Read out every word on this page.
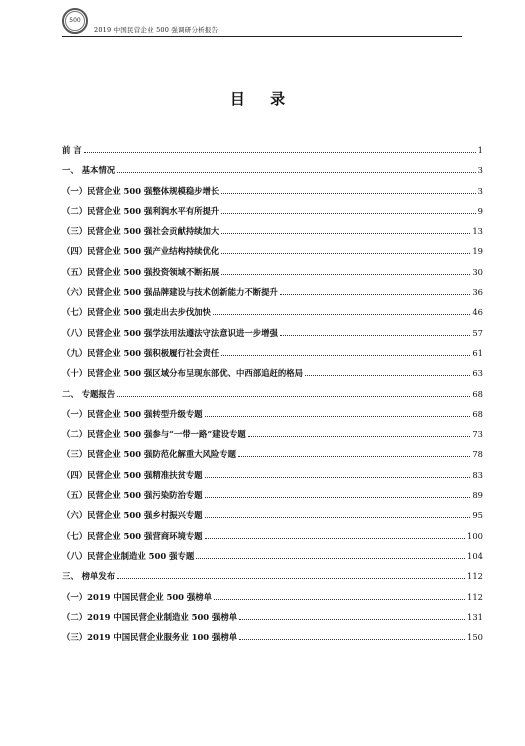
500
2019 中国民营企业 500 强调研分析报告
目 录
前 言	1
一、 基本情况	3
（一）民营企业 500 强整体规模稳步增长	3
（二）民营企业 500 强利润水平有所提升	9
（三）民营企业 500 强社会贡献持续加大	13
（四）民营企业 500 强产业结构持续优化	19
（五）民营企业 500 强投资领域不断拓展	30
（六）民营企业 500 强品牌建设与技术创新能力不断提升	36
（七）民营企业 500 强走出去步伐加快	46
（八）民营企业 500 强学法用法遵法守法意识进一步增强	57
（九）民营企业 500 强积极履行社会责任	61
（十）民营企业 500 强区域分布呈现东部优、中西部追赶的格局	63
二、 专题报告	68
（一）民营企业 500 强转型升级专题	68
（二）民营企业 500 强参与“一带一路”建设专题	73
（三）民营企业 500 强防范化解重大风险专题	78
（四）民营企业 500 强精准扶贫专题	83
（五）民营企业 500 强污染防治专题	89
（六）民营企业 500 强乡村振兴专题	95
（七）民营企业 500 强营商环境专题	100
（八）民营企业制造业 500 强专题	104
三、 榜单发布	112
（一）2019 中国民营企业 500 强榜单	112
（二）2019 中国民营企业制造业 500 强榜单	131
（三）2019 中国民营企业服务业 100 强榜单	150
